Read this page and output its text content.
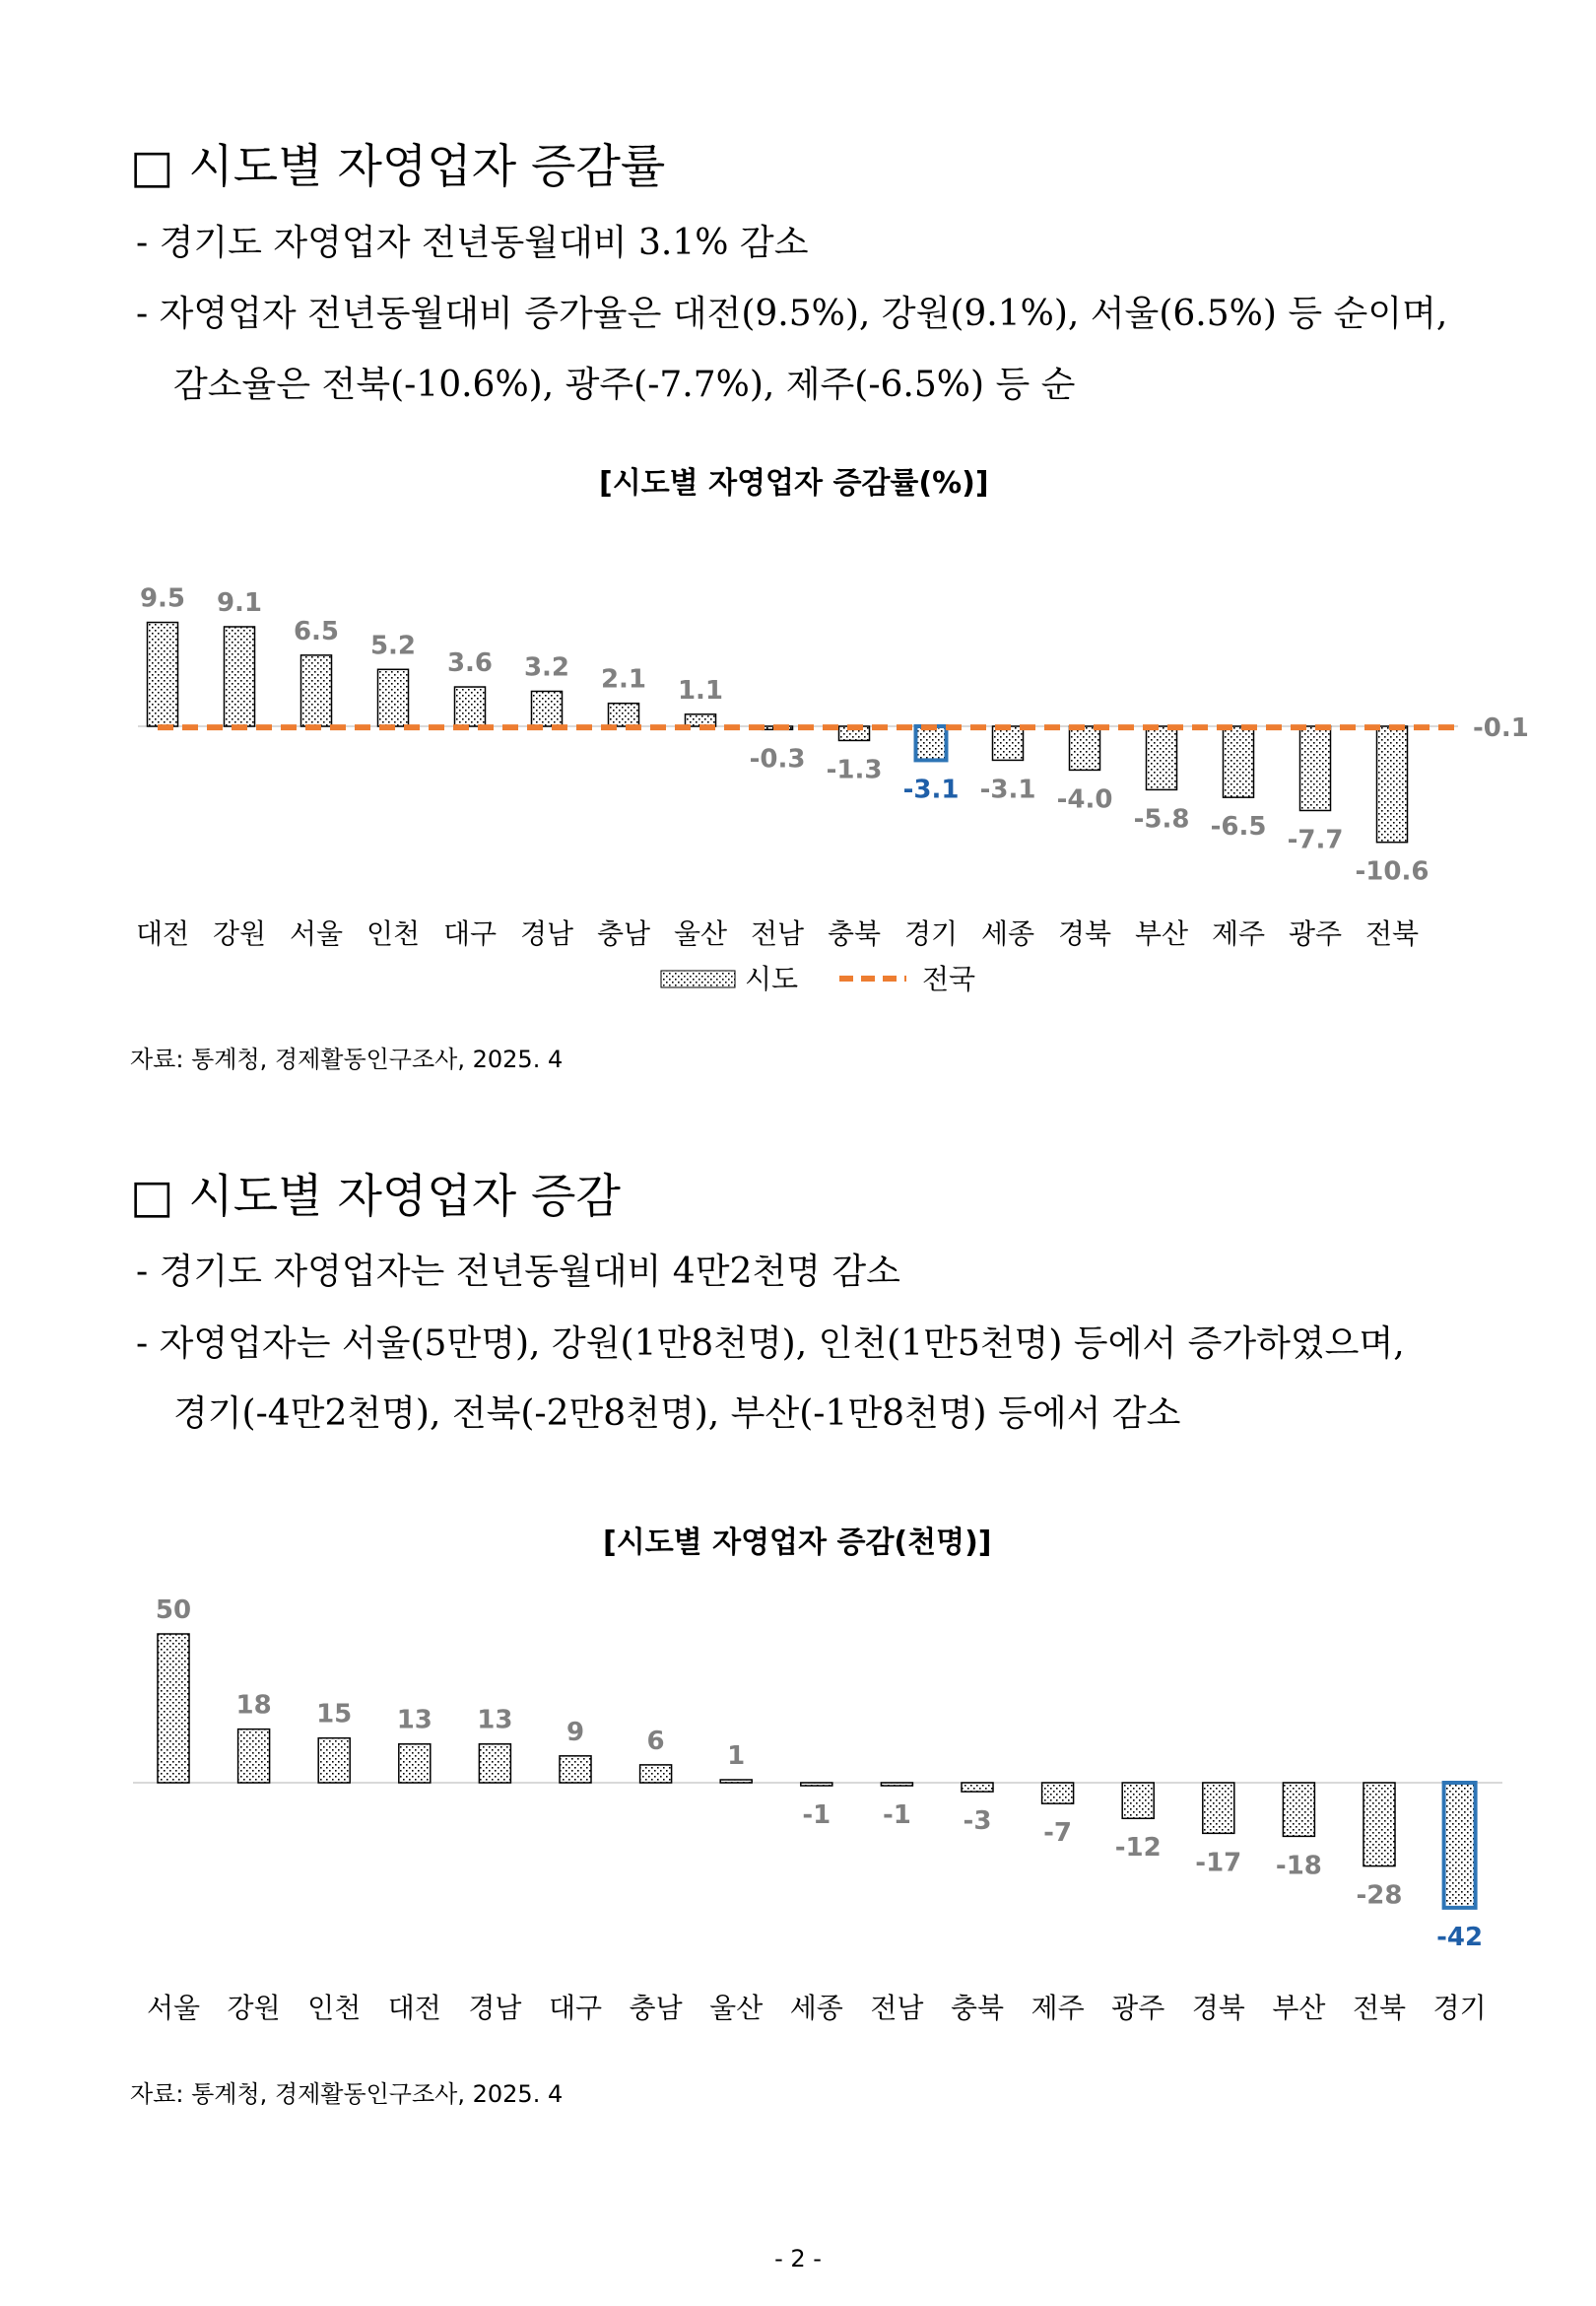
□ 시도별 자영업자 증감률
- 경기도 자영업자 전년동월대비 3.1% 감소
- 자영업자 전년동월대비 증가율은 대전(9.5%), 강원(9.1%), 서울(6.5%) 등 순이며,
감소율은 전북(-10.6%), 광주(-7.7%), 제주(-6.5%) 등 순
[시도별 자영업자 증감률(%)]
9.5
대전
9.1
강원
6.5
서울
5.2
인천
3.6
대구
3.2
경남
2.1
충남
1.1
울산
-0.3
전남
-1.3
충북
-3.1
경기
-3.1
세종
-4.0
경북
-5.8
부산
-6.5
제주
-7.7
광주
-10.6
전북
-0.1
시도	전국
자료: 통계청, 경제활동인구조사, 2025. 4
□ 시도별 자영업자 증감
- 경기도 자영업자는 전년동월대비 4만2천명 감소
- 자영업자는 서울(5만명), 강원(1만8천명), 인천(1만5천명) 등에서 증가하였으며,
경기(-4만2천명), 전북(-2만8천명), 부산(-1만8천명) 등에서 감소
[시도별 자영업자 증감(천명)]
50
서울
18
강원
15
인천
13
대전
13
경남
9
대구
6
충남
1
울산
-1
세종
-1
전남
-3
충북
-7
제주
-12
광주
-17
경북
-18
부산
-28
전북
-42
경기
자료: 통계청, 경제활동인구조사, 2025. 4
- 2 -
